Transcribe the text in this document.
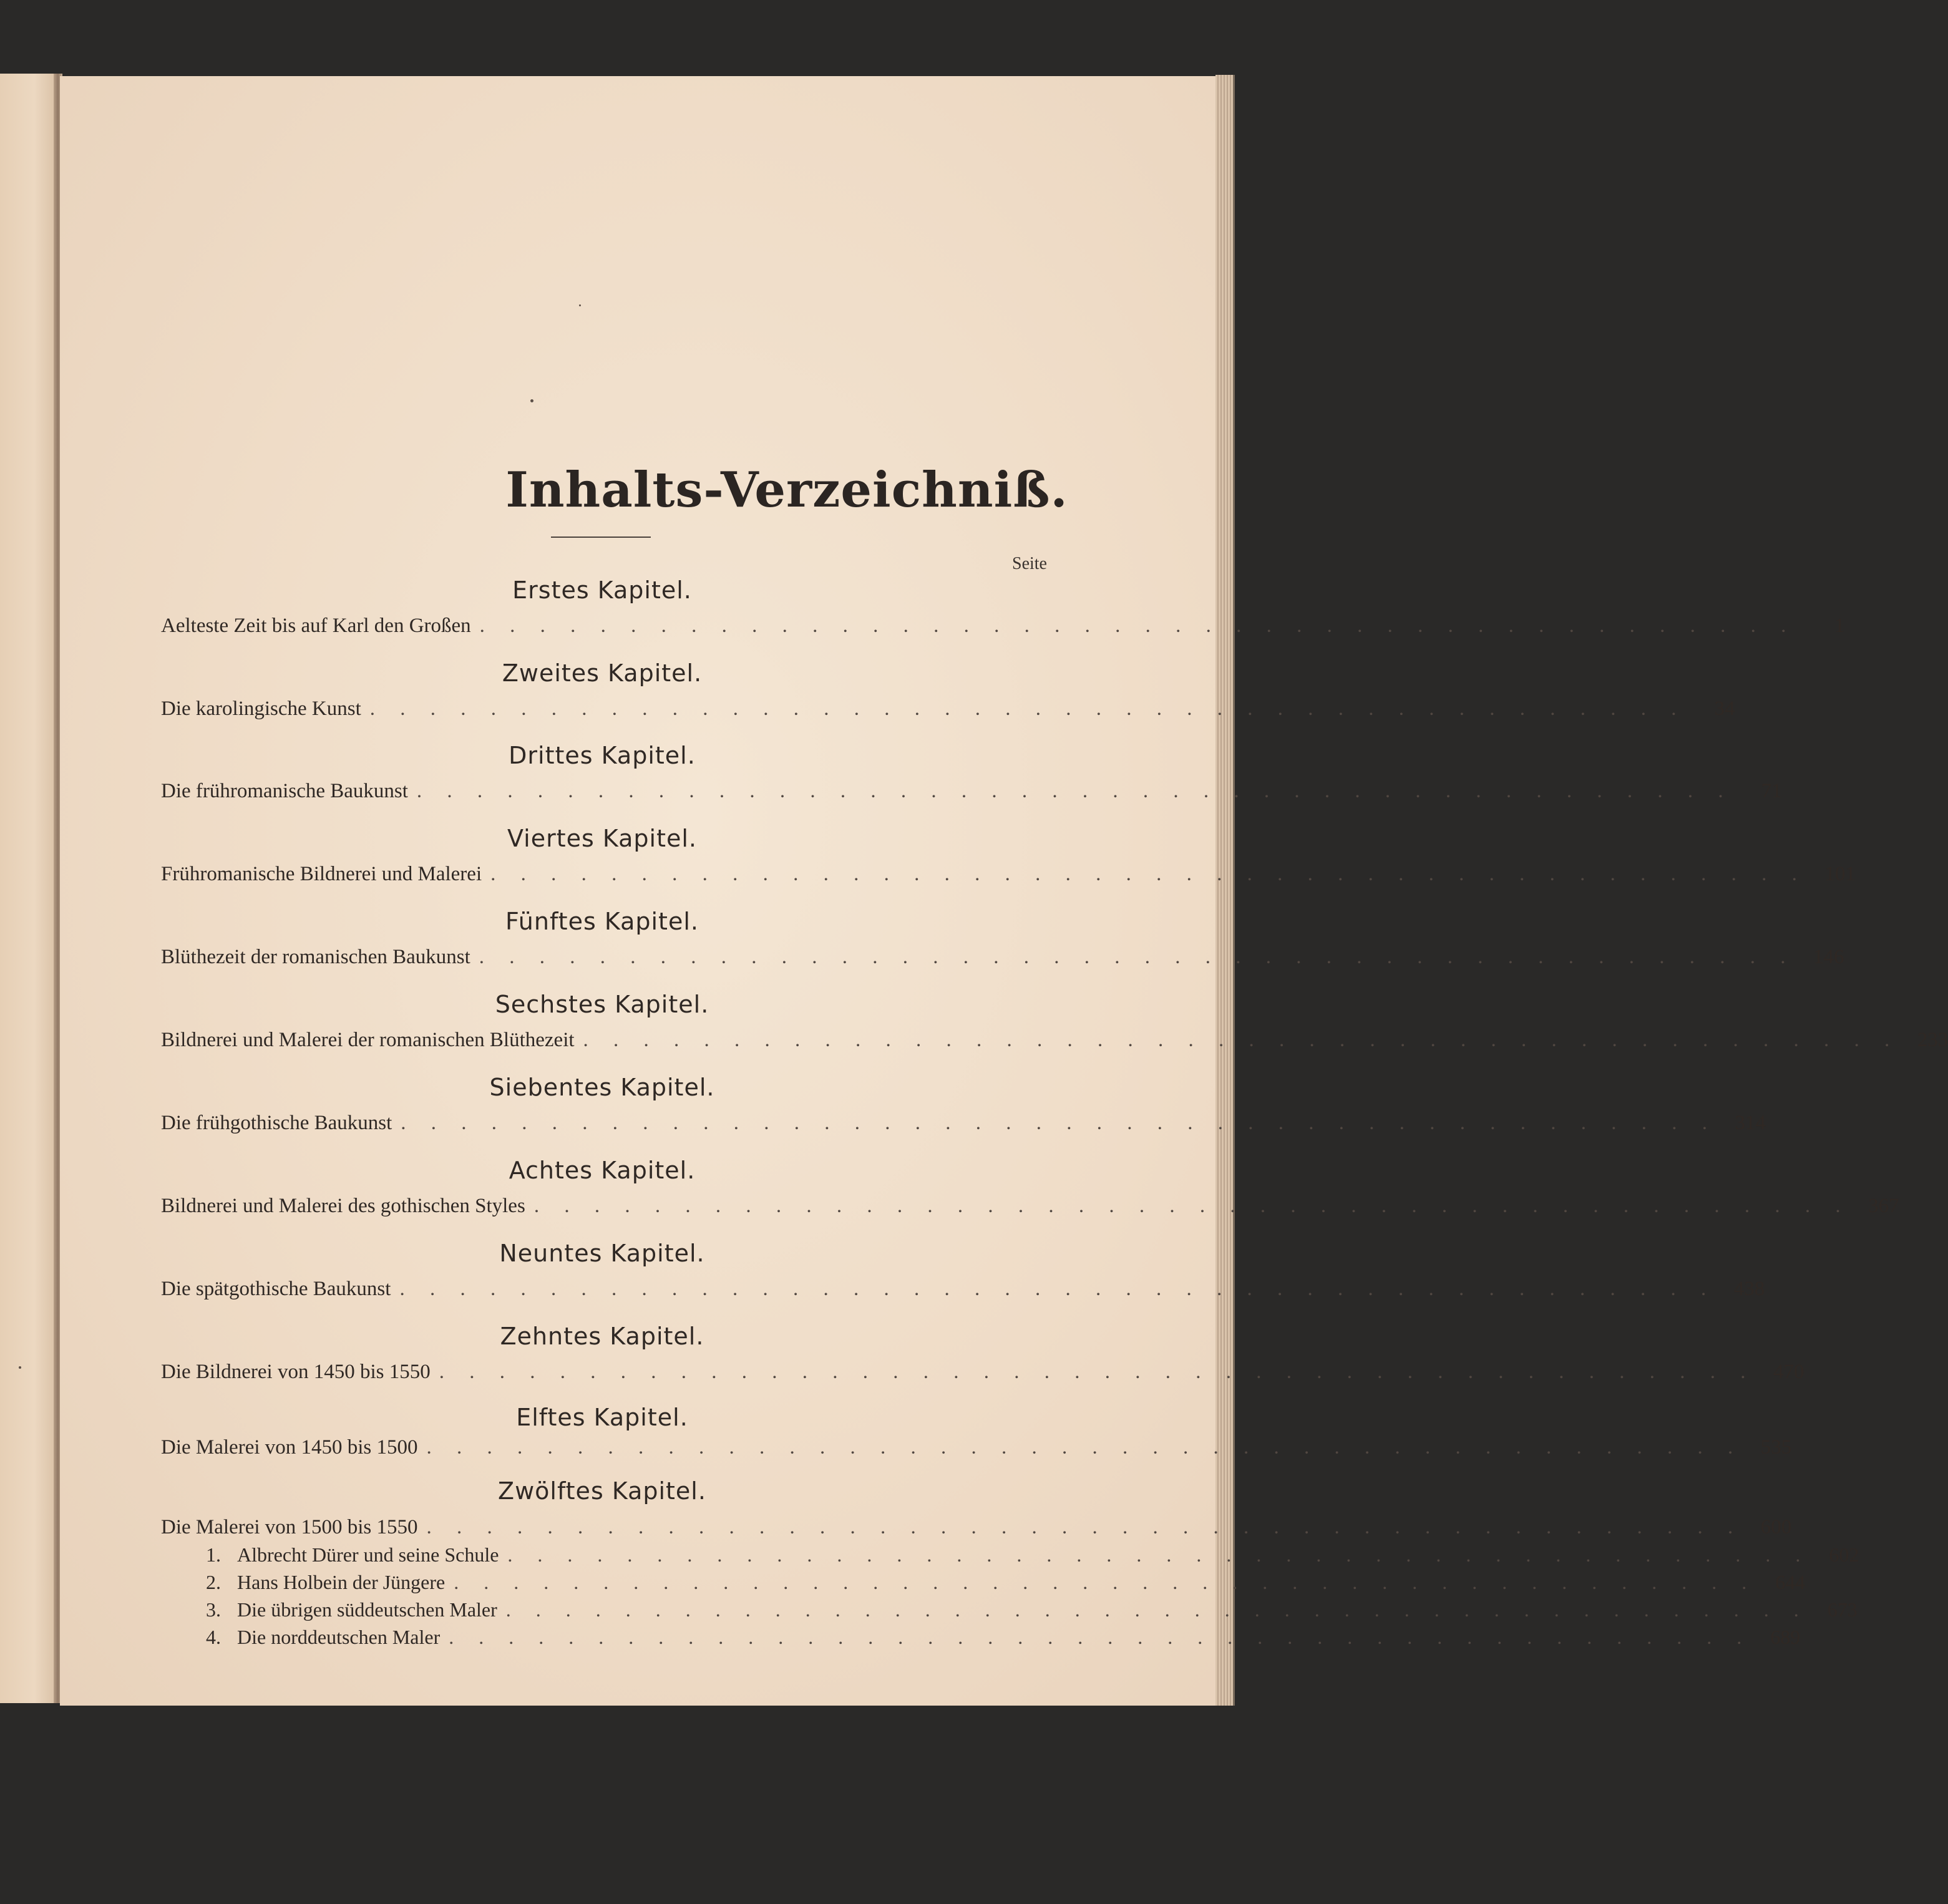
Inhalts-Verzeichniß.
Seite
Erstes Kapitel.
Aelteste Zeit bis auf Karl den Großen . . . . . . . . . . . . . . . . . . . . . . . . . . . . . . . . . . . . . . . . . . . .	1
Zweites Kapitel.
Die karolingische Kunst . . . . . . . . . . . . . . . . . . . . . . . . . . . . . . . . . . . . . . . . . . . .	34
Drittes Kapitel.
Die frühromanische Baukunst . . . . . . . . . . . . . . . . . . . . . . . . . . . . . . . . . . . . . . . . . . . .	71
Viertes Kapitel.
Frühromanische Bildnerei und Malerei . . . . . . . . . . . . . . . . . . . . . . . . . . . . . . . . . . . . . . . . . . . . 101
Fünftes Kapitel.
Blüthezeit der romanischen Baukunst . . . . . . . . . . . . . . . . . . . . . . . . . . . . . . . . . . . . . . . . . . . . 146
Sechstes Kapitel.
Bildnerei und Malerei der romanischen Blüthezeit . . . . . . . . . . . . . . . . . . . . . . . . . . . . . . . . . . . . . . . . . . . . 233
Siebentes Kapitel.
Die frühgothische Baukunst . . . . . . . . . . . . . . . . . . . . . . . . . . . . . . . . . . . . . . . . . . . . 314
Achtes Kapitel.
Bildnerei und Malerei des gothischen Styles . . . . . . . . . . . . . . . . . . . . . . . . . . . . . . . . . . . . . . . . . . . . 367
Neuntes Kapitel.
Die spätgothische Baukunst . . . . . . . . . . . . . . . . . . . . . . . . . . . . . . . . . . . . . . . . . . . . 438
Zehntes Kapitel.
Die Bildnerei von 1450 bis 1550 . . . . . . . . . . . . . . . . . . . . . . . . . . . . . . . . . . . . . . . . . . . . 470
Elftes Kapitel.
Die Malerei von 1450 bis 1500 . . . . . . . . . . . . . . . . . . . . . . . . . . . . . . . . . . . . . . . . . . . . 535
Zwölftes Kapitel.
Die Malerei von 1500 bis 1550 . . . . . . . . . . . . . . . . . . . . . . . . . . . . . . . . . . . . . . . . . . . . 600
1. Albrecht Dürer und seine Schule . . . . . . . . . . . . . . . . . . . . . . . . . . . . . . . . . . . . . . . . . . . . 602
2. Hans Holbein der Jüngere . . . . . . . . . . . . . . . . . . . . . . . . . . . . . . . . . . . . . . . . . . . . 644
3. Die übrigen süddeutschen Maler . . . . . . . . . . . . . . . . . . . . . . . . . . . . . . . . . . . . . . . . . . . . 673
4. Die norddeutschen Maler . . . . . . . . . . . . . . . . . . . . . . . . . . . . . . . . . . . . . . . . . . . . 689
